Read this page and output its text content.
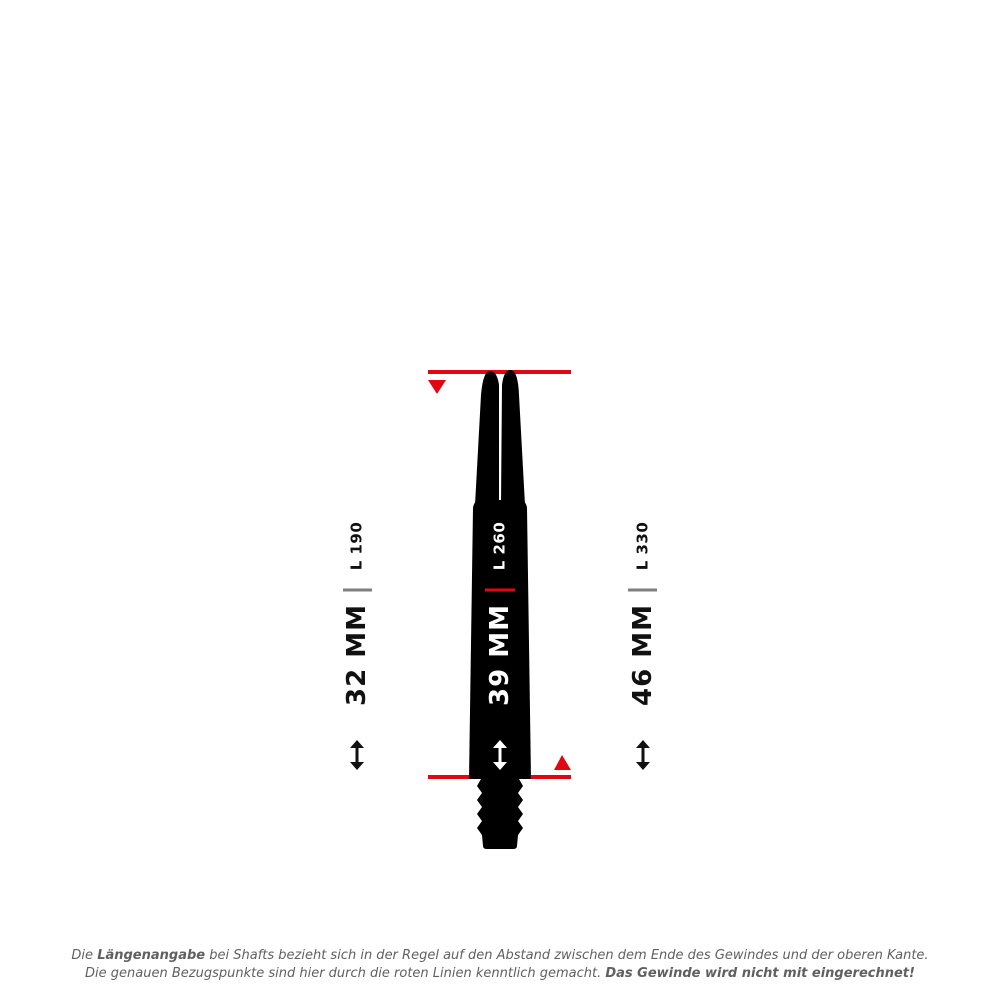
L 190	L 260	L 330
32 MM	39 MM	46 MM
Die Längenangabe bei Shafts bezieht sich in der Regel auf den Abstand zwischen dem Ende des Gewindes und der oberen Kante.
Die genauen Bezugspunkte sind hier durch die roten Linien kenntlich gemacht. Das Gewinde wird nicht mit eingerechnet!
